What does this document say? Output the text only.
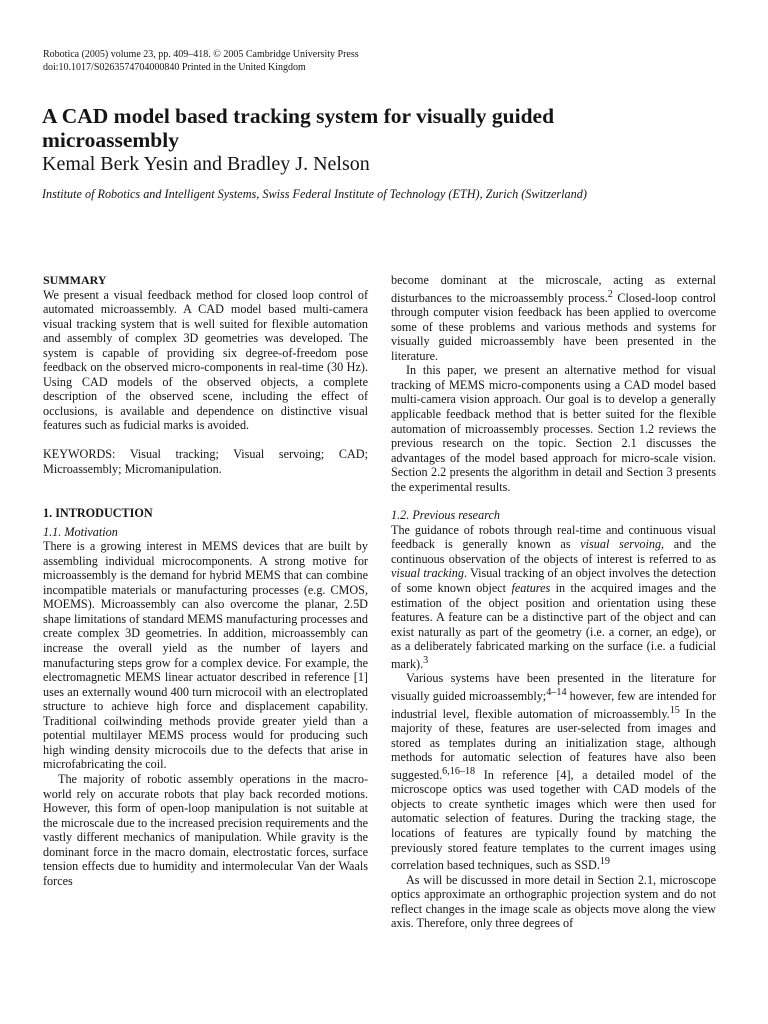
Robotica (2005) volume 23, pp. 409–418. © 2005 Cambridge University Press
doi:10.1017/S0263574704000840 Printed in the United Kingdom
A CAD model based tracking system for visually guided microassembly
Kemal Berk Yesin and Bradley J. Nelson
Institute of Robotics and Intelligent Systems, Swiss Federal Institute of Technology (ETH), Zurich (Switzerland)
SUMMARY

We present a visual feedback method for closed loop control of automated microassembly. A CAD model based multi-camera visual tracking system that is well suited for flexible automation and assembly of complex 3D geometries was developed. The system is capable of providing six degree-of-freedom pose feedback on the observed micro-components in real-time (30 Hz). Using CAD models of the observed objects, a complete description of the observed scene, including the effect of occlusions, is available and dependence on distinctive visual features such as fudicial marks is avoided.

KEYWORDS: Visual tracking; Visual servoing; CAD; Microassembly; Micromanipulation.

1. INTRODUCTION
1.1. Motivation

There is a growing interest in MEMS devices that are built by assembling individual microcomponents. A strong motive for microassembly is the demand for hybrid MEMS that can combine incompatible materials or manufacturing processes (e.g. CMOS, MOEMS). Microassembly can also overcome the planar, 2.5D shape limitations of standard MEMS manufacturing processes and create complex 3D geometries. In addition, microassembly can increase the overall yield as the number of layers and manufacturing steps grow for a complex device. For example, the electromagnetic MEMS linear actuator described in reference [1] uses an externally wound 400 turn microcoil with an electroplated structure to achieve high force and displacement capability. Traditional coilwinding methods provide greater yield than a potential multilayer MEMS process would for producing such high winding density microcoils due to the defects that arise in microfabricating the coil.

The majority of robotic assembly operations in the macro-world rely on accurate robots that play back recorded motions. However, this form of open-loop manipulation is not suitable at the microscale due to the increased precision requirements and the vastly different mechanics of manipulation. While gravity is the dominant force in the macro domain, electrostatic forces, surface tension effects due to humidity and intermolecular Van der Waals forces

become dominant at the microscale, acting as external disturbances to the microassembly process.$^2$ Closed-loop control through computer vision feedback has been applied to overcome some of these problems and various methods and systems for visually guided microassembly have been presented in the literature.

In this paper, we present an alternative method for visual tracking of MEMS micro-components using a CAD model based multi-camera vision approach. Our goal is to develop a generally applicable feedback method that is better suited for the flexible automation of microassembly processes. Section 1.2 reviews the previous research on the topic. Section 2.1 discusses the advantages of the model based approach for micro-scale vision. Section 2.2 presents the algorithm in detail and Section 3 presents the experimental results.

1.2. Previous research

The guidance of robots through real-time and continuous visual feedback is generally known as visual servoing, and the continuous observation of the objects of interest is referred to as visual tracking. Visual tracking of an object involves the detection of some known object features in the acquired images and the estimation of the object position and orientation using these features. A feature can be a distinctive part of the object and can exist naturally as part of the geometry (i.e. a corner, an edge), or as a deliberately fabricated marking on the surface (i.e. a fudicial mark).$^3$

Various systems have been presented in the literature for visually guided microassembly;$^{4-14}$ however, few are intended for industrial level, flexible automation of microassembly.$^{15}$ In the majority of these, features are user-selected from images and stored as templates during an initialization stage, although methods for automatic selection of features have also been suggested.$^{6,16-18}$ In reference [4], a detailed model of the microscope optics was used together with CAD models of the objects to create synthetic images which were then used for automatic selection of features. During the tracking stage, the locations of features are typically found by matching the previously stored feature templates to the current images using correlation based techniques, such as SSD.$^{19}$

As will be discussed in more detail in Section 2.1, microscope optics approximate an orthographic projection system and do not reflect changes in the image scale as objects move along the view axis. Therefore, only three degrees of
